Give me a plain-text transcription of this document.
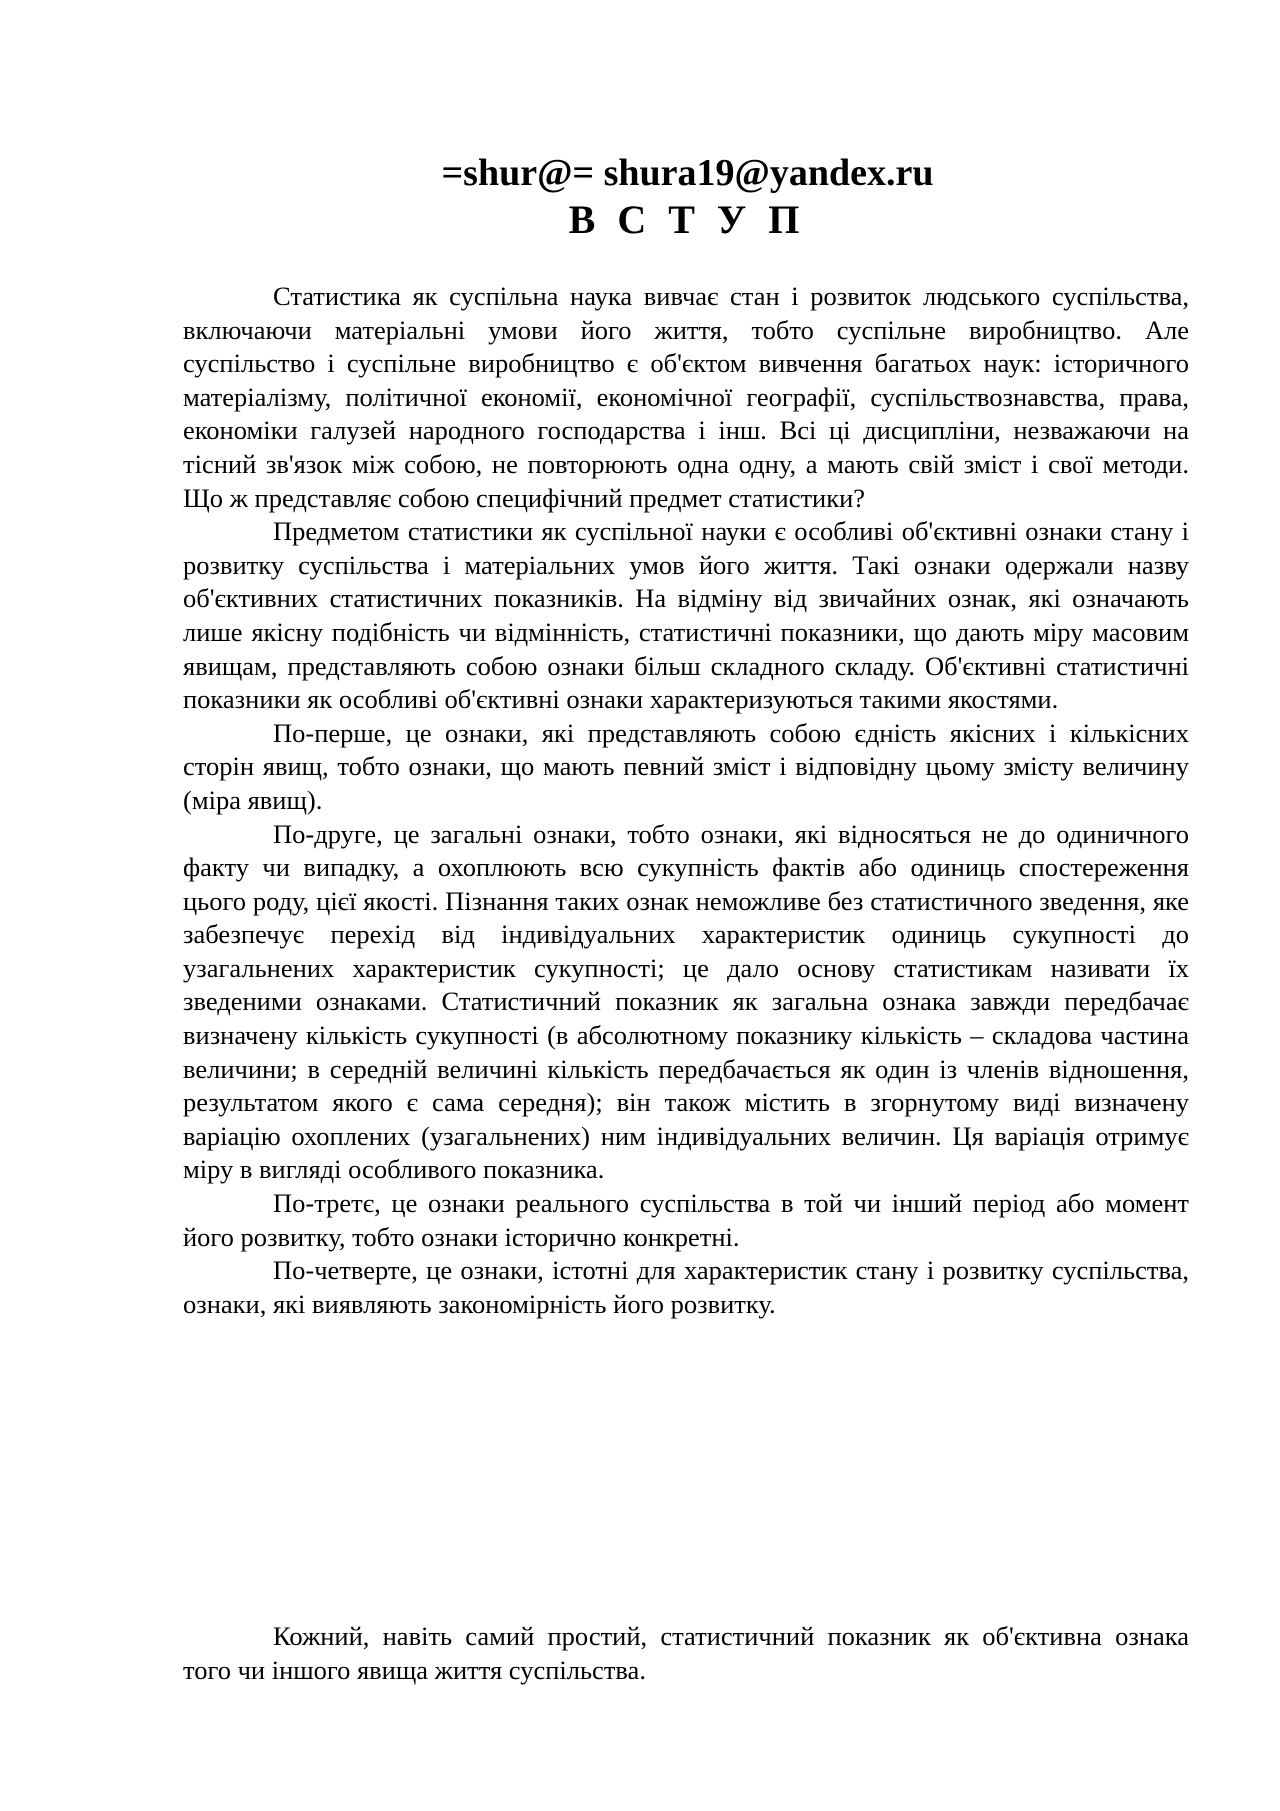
=shur@= shura19@yandex.ru
ВСТУП

Статистика як суспільна наука вивчає стан і розвиток людського суспільства, включаючи матеріальні умови його життя, тобто суспільне виробництво. Але суспільство і суспільне виробництво є об'єктом вивчення багатьох наук: історичного матеріалізму, політичної економії, економічної географії, суспільствознавства, права, економіки галузей народного господарства і інш. Всі ці дисципліни, незважаючи на тісний зв'язок між собою, не повторюють одна одну, а мають свій зміст і свої методи. Що ж представляє собою специфічний предмет статистики?

Предметом статистики як суспільної науки є особливі об'єктивні ознаки стану і розвитку суспільства і матеріальних умов його життя. Такі ознаки одержали назву об'єктивних статистичних показників. На відміну від звичайних ознак, які означають лише якісну подібність чи відмінність, статистичні показники, що дають міру масовим явищам, представляють собою ознаки більш складного складу. Об'єктивні статистичні показники як особливі об'єктивні ознаки характеризуються такими якостями.

По-перше, це ознаки, які представляють собою єдність якісних і кількісних сторін явищ, тобто ознаки, що мають певний зміст і відповідну цьому змісту величину (міра явищ).

По-друге, це загальні ознаки, тобто ознаки, які відносяться не до одиничного факту чи випадку, а охоплюють всю сукупність фактів або одиниць спостереження цього роду, цієї якості. Пізнання таких ознак неможливе без статистичного зведення, яке забезпечує перехід від індивідуальних характеристик одиниць сукупності до узагальнених характеристик сукупності; це дало основу статистикам називати їх зведеними ознаками. Статистичний показник як загальна ознака завжди передбачає визначену кількість сукупності (в абсолютному показнику кількість – складова частина величини; в середній величині кількість передбачається як один із членів відношення, результатом якого є сама середня); він також містить в згорнутому виді визначену варіацію охоплених (узагальнених) ним індивідуальних величин. Ця варіація отримує міру в вигляді особливого показника.

По-третє, це ознаки реального суспільства в той чи інший період або момент його розвитку, тобто ознаки історично конкретні.

По-четверте, це ознаки, істотні для характеристик стану і розвитку суспільства, ознаки, які виявляють закономірність його розвитку.

Кожний, навіть самий простий, статистичний показник як об'єктивна ознака того чи іншого явища життя суспільства.
